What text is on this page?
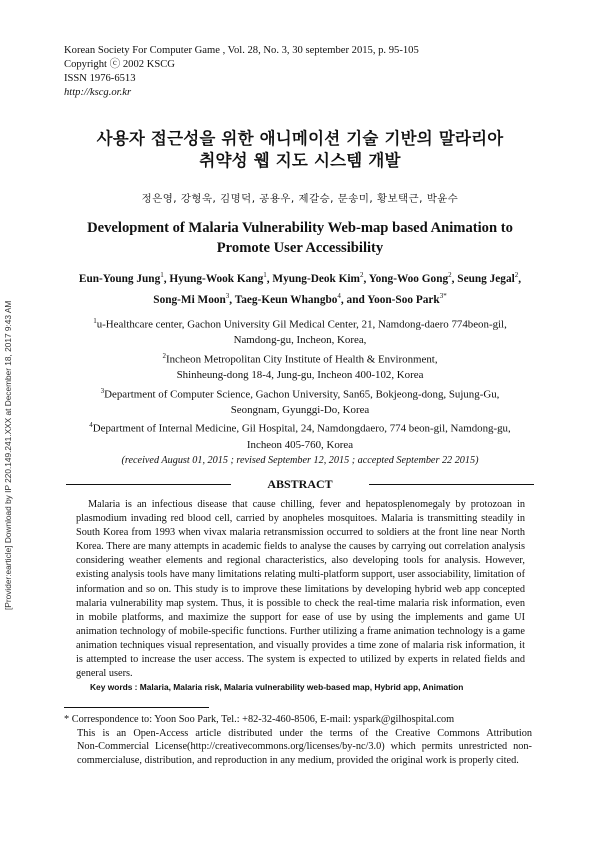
Korean Society For Computer Game , Vol. 28, No. 3, 30 september 2015, p. 95-105
Copyright ⓒ 2002 KSCG
ISSN 1976-6513
http://kscg.or.kr
[Provider:earticle] Download by IP 220.149.241.XXX at December 18, 2017 9:43 AM
사용자 접근성을 위한 애니메이션 기술 기반의 말라리아
취약성 웹 지도 시스템 개발
정은영, 강형욱, 김명덕, 공용우, 제갈승, 문송미, 황보택근, 박윤수
Development of Malaria Vulnerability Web-map based Animation to
Promote User Accessibility
Eun-Young Jung$^1$, Hyung-Wook Kang$^1$, Myung-Deok Kim$^2$, Yong-Woo Gong$^2$, Seung Jegal$^2$,
Song-Mi Moon$^3$, Taeg-Keun Whangbo$^4$, and Yoon-Soo Park$^{3*}$
$^1$u-Healthcare center, Gachon University Gil Medical Center, 21, Namdong-daero 774beon-gil,
Namdong-gu, Incheon, Korea,
$^2$Incheon Metropolitan City Institute of Health & Environment,
Shinheung-dong 18-4, Jung-gu, Incheon 400-102, Korea
$^3$Department of Computer Science, Gachon University, San65, Bokjeong-dong, Sujung-Gu,
Seongnam, Gyunggi-Do, Korea
$^4$Department of Internal Medicine, Gil Hospital, 24, Namdongdaero, 774 beon-gil, Namdong-gu,
Incheon 405-760, Korea
(received August 01, 2015 ; revised September 12, 2015 ; accepted September 22 2015)
ABSTRACT

Malaria is an infectious disease that cause chilling, fever and hepatosplenomegaly by protozoan in plasmodium invading red blood cell, carried by anopheles mosquitoes. Malaria is transmitting steadily in South Korea from 1993 when vivax malaria retransmission occurred to soldiers at the front line near North Korea. There are many attempts in academic fields to analyse the causes by carrying out correlation analysis considering weather elements and regional characteristics, also developing tools for analysis. However, existing analysis tools have many limitations relating multi-platform support, user associability, limitation of information and so on. This study is to improve these limitations by developing hybrid web app concepted malaria vulnerability map system. Thus, it is possible to check the real-time malaria risk information, even in mobile platforms, and maximize the support for ease of use by using the implements and game UI animation technology of mobile-specific functions. Further utilizing a frame animation technology is a game animation techniques visual representation, and visually provides a time zone of malaria risk information, it is attempted to increase the user access. The system is expected to utilized by experts in related fields and general users.

Key words : Malaria, Malaria risk, Malaria vulnerability web-based map, Hybrid app, Animation
* Correspondence to: Yoon Soo Park, Tel.: +82-32-460-8506, E-mail: yspark@gilhospital.com
This is an Open-Access article distributed under the terms of the Creative Commons Attribution
Non-Commercial License(http://creativecommons.org/licenses/by-nc/3.0) which permits unrestricted non-
commercialuse, distribution, and reproduction in any medium, provided the original work is properly cited.
